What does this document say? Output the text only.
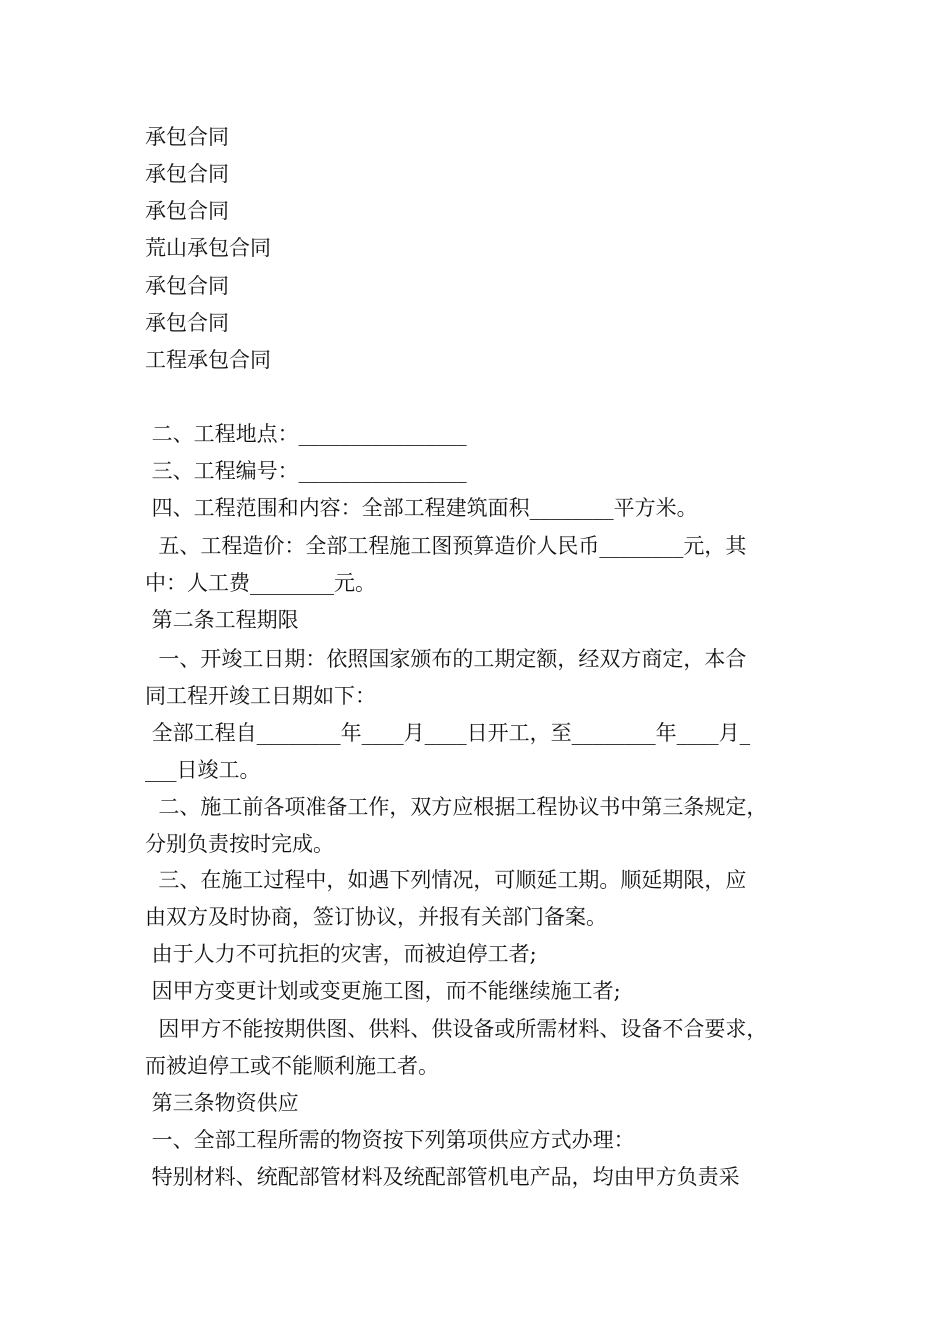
承包合同
承包合同
承包合同
荒山承包合同
承包合同
承包合同
工程承包合同
二、工程地点：________________
三、工程编号：________________
四、工程范围和内容：全部工程建筑面积________平方米。
五、工程造价：全部工程施工图预算造价人民币________元，其
中：人工费________元。
第二条工程期限
一、开竣工日期：依照国家颁布的工期定额，经双方商定，本合
同工程开竣工日期如下：
全部工程自________年____月____日开工，至________年____月_
___日竣工。
二、施工前各项准备工作，双方应根据工程协议书中第三条规定，
分别负责按时完成。
三、在施工过程中，如遇下列情况，可顺延工期。顺延期限，应
由双方及时协商，签订协议，并报有关部门备案。
由于人力不可抗拒的灾害，而被迫停工者;
因甲方变更计划或变更施工图，而不能继续施工者;
因甲方不能按期供图、供料、供设备或所需材料、设备不合要求，
而被迫停工或不能顺利施工者。
第三条物资供应
一、全部工程所需的物资按下列第项供应方式办理：
特别材料、统配部管材料及统配部管机电产品，均由甲方负责采
